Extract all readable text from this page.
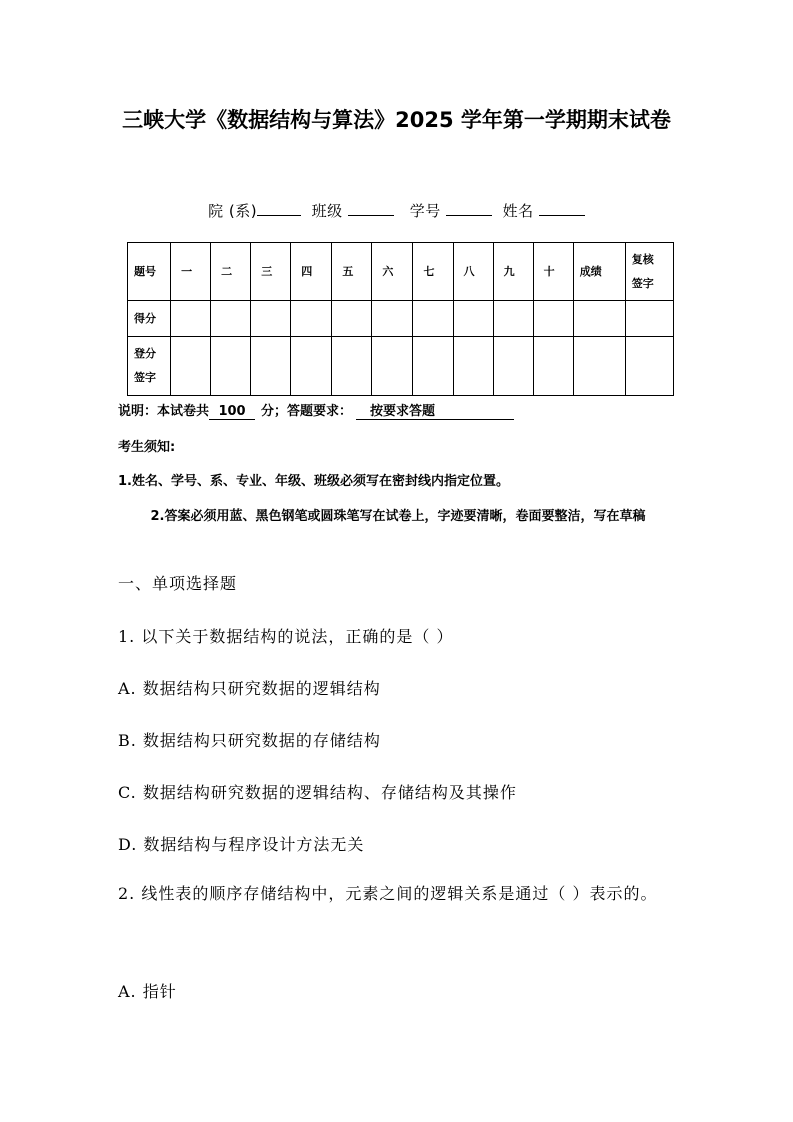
三峡大学《数据结构与算法》2025 学年第一学期期末试卷
院 (系)	班级	学号	姓名
题号	一	二	三	四	五	六	七	八	九	十	成绩	复核签字
得分												
登分签字												
说明：本试卷共 100 分；答题要求： 按要求答题
考生须知:
1.姓名、学号、系、专业、年级、班级必须写在密封线内指定位置。
2.答案必须用蓝、黑色钢笔或圆珠笔写在试卷上，字迹要清晰，卷面要整洁，写在草稿
一、单项选择题
1. 以下关于数据结构的说法，正确的是（ ）
A. 数据结构只研究数据的逻辑结构
B. 数据结构只研究数据的存储结构
C. 数据结构研究数据的逻辑结构、存储结构及其操作
D. 数据结构与程序设计方法无关
2. 线性表的顺序存储结构中，元素之间的逻辑关系是通过（ ）表示的。
A. 指针
